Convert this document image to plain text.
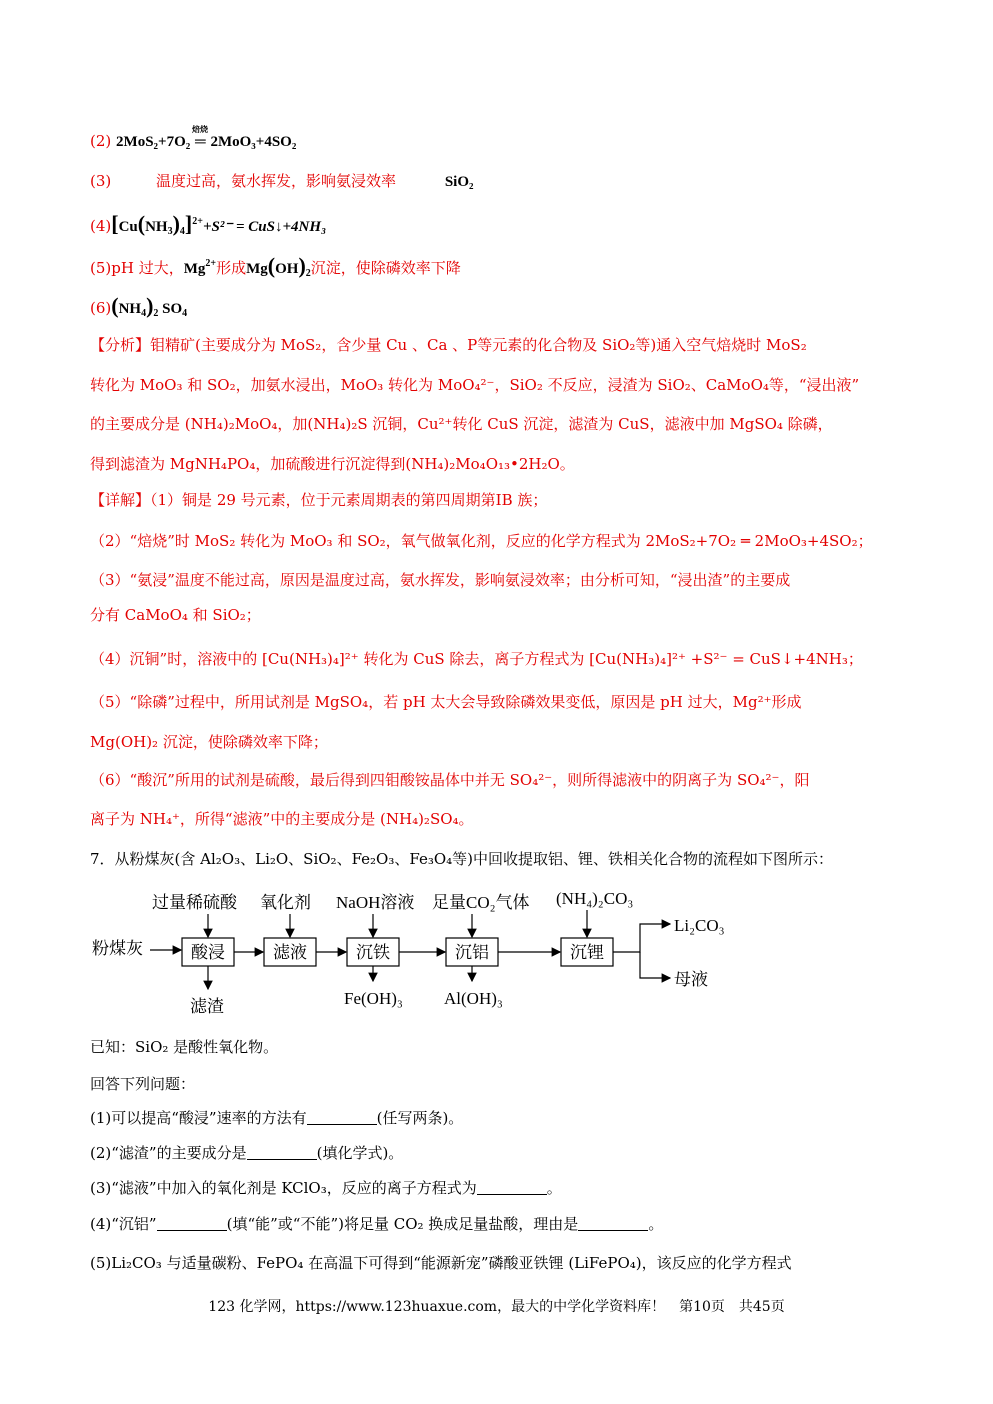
(2) 2MoS₂+7O₂ ═
焙烧
2MoO₃+4SO₂
(3)	温度过高，氨水挥发，影响氨浸效率	SiO₂
$(4)[Cu(NH_3)_4]^{2+}+S^{2-}$ = CuS↓+4NH₃
(5)pH 过大，$Mg^{2+}$形成$Mg(OH)_2$沉淀，使除磷效率下降
$(6)(NH_4)_2$ $SO_4$
【分析】钼精矿(主要成分为 MoS₂，含少量 Cu 、Ca 、P等元素的化合物及 SiO₂等)通入空气焙烧时 MoS₂
转化为 MoO₃ 和 SO₂，加氨水浸出，MoO₃ 转化为 MoO₄²⁻，SiO₂ 不反应，浸渣为 SiO₂、CaMoO₄等，“浸出液”
的主要成分是 (NH₄)₂MoO₄，加(NH₄)₂S 沉铜，Cu²⁺转化 CuS 沉淀，滤渣为 CuS，滤液中加 MgSO₄ 除磷，
得到滤渣为 MgNH₄PO₄，加硫酸进行沉淀得到(NH₄)₂Mo₄O₁₃•2H₂O。
【详解】（1）铜是 29 号元素，位于元素周期表的第四周期第IB 族；
（2）“焙烧”时 MoS₂ 转化为 MoO₃ 和 SO₂，氧气做氧化剂，反应的化学方程式为 2MoS₂+7O₂ ═ 2MoO₃+4SO₂；
（3）“氨浸”温度不能过高，原因是温度过高，氨水挥发，影响氨浸效率；由分析可知，“浸出渣”的主要成
分有 CaMoO₄ 和 SiO₂；
（4）沉铜”时，溶液中的 [Cu(NH₃)₄]²⁺ 转化为 CuS 除去，离子方程式为 [Cu(NH₃)₄]²⁺ +S²⁻ = CuS↓+4NH₃；
（5）“除磷”过程中，所用试剂是 MgSO₄，若 pH 太大会导致除磷效果变低，原因是 pH 过大，Mg²⁺形成
Mg(OH)₂ 沉淀，使除磷效率下降；
（6）“酸沉”所用的试剂是硫酸，最后得到四钼酸铵晶体中并无 SO₄²⁻，则所得滤液中的阴离子为 SO₄²⁻，阳
离子为 NH₄⁺，所得“滤液”中的主要成分是 (NH₄)₂SO₄。
7．从粉煤灰(含 Al₂O₃、Li₂O、SiO₂、Fe₂O₃、Fe₃O₄等)中回收提取铝、锂、铁相关化合物的流程如下图所示：
粉煤灰
过量稀硫酸 氧化剂 NaOH溶液 足量CO₂气体 (NH₄)₂CO₃
滤渣	Fe(OH)₃ Al(OH)₃
Li₂CO₃
母液
酸浸	滤液	沉铁	沉铝	沉锂
已知：SiO₂ 是酸性氧化物。
回答下列问题：
(1)可以提高“酸浸”速率的方法有	(任写两条)。
(2)“滤渣”的主要成分是	(填化学式)。
(3)“滤液”中加入的氧化剂是 KClO₃，反应的离子方程式为	。
(4)“沉铝”	(填“能”或“不能”)将足量 CO₂ 换成足量盐酸，理由是	。
(5)Li₂CO₃ 与适量碳粉、FePO₄ 在高温下可得到“能源新宠”磷酸亚铁锂 (LiFePO₄)，该反应的化学方程式
123 化学网，https://www.123huaxue.com，最大的中学化学资料库！　第10页　共45页
